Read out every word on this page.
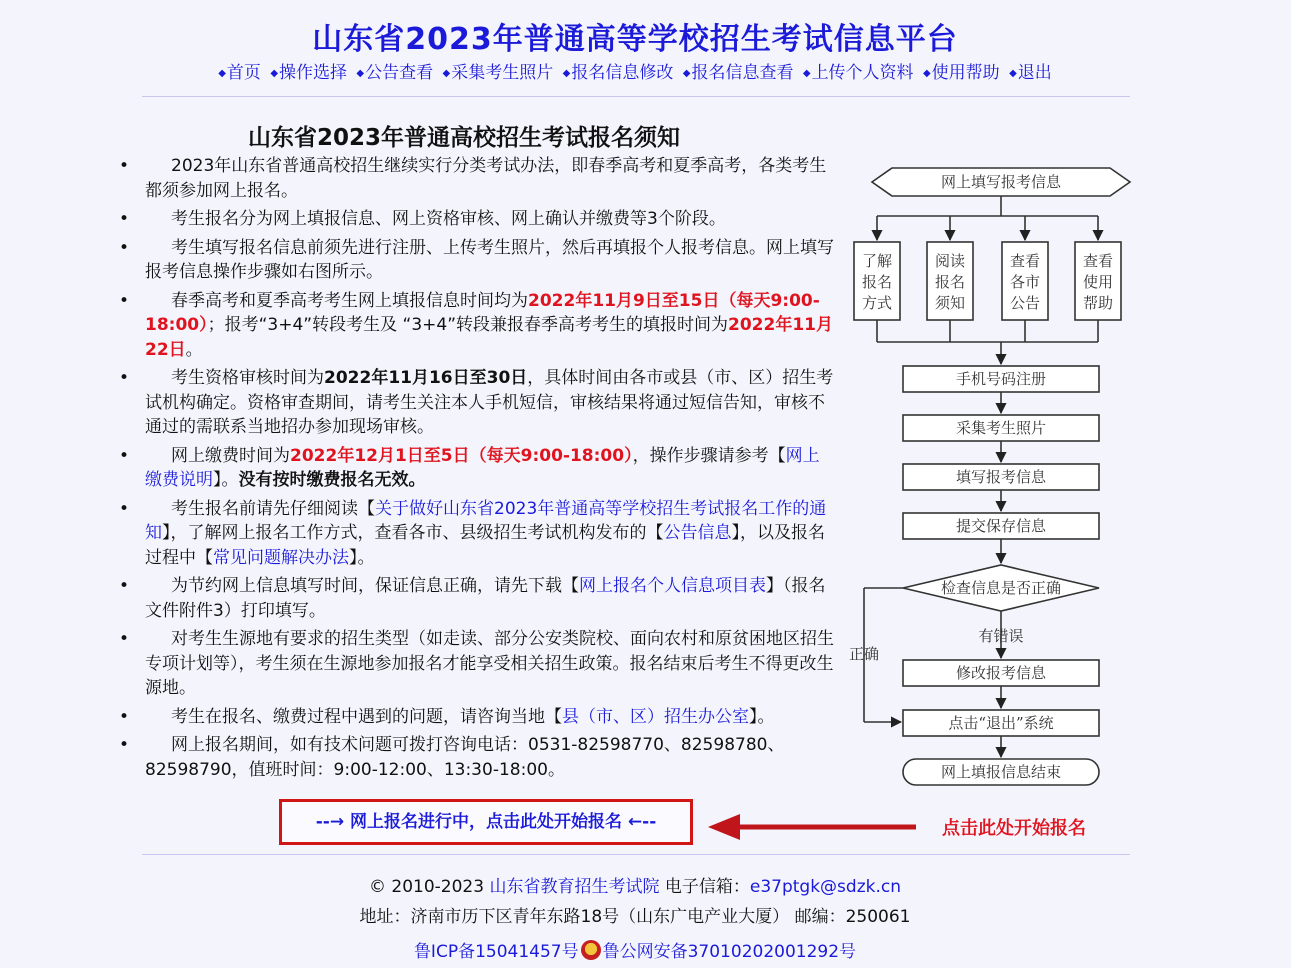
山东省2023年普通高等学校招生考试信息平台
◆首页 ◆操作选择 ◆公告查看 ◆采集考生照片 ◆报名信息修改 ◆报名信息查看 ◆上传个人资料 ◆使用帮助 ◆退出
山东省2023年普通高校招生考试报名须知
• 2023年山东省普通高校招生继续实行分类考试办法，即春季高考和夏季高考，各类考生都须参加网上报名。
• 考生报名分为网上填报信息、网上资格审核、网上确认并缴费等3个阶段。
• 考生填写报名信息前须先进行注册、上传考生照片，然后再填报个人报考信息。网上填写报考信息操作步骤如右图所示。
• 春季高考和夏季高考考生网上填报信息时间均为2022年11月9日至15日（每天9:00-18:00）；报考“3+4”转段考生及 “3+4”转段兼报春季高考考生的填报时间为2022年11月22日。
• 考生资格审核时间为2022年11月16日至30日，具体时间由各市或县（市、区）招生考试机构确定。资格审查期间，请考生关注本人手机短信，审核结果将通过短信告知，审核不通过的需联系当地招办参加现场审核。
• 网上缴费时间为2022年12月1日至5日（每天9:00-18:00），操作步骤请参考【网上缴费说明】。没有按时缴费报名无效。
• 考生报名前请先仔细阅读【关于做好山东省2023年普通高等学校招生考试报名工作的通知】，了解网上报名工作方式，查看各市、县级招生考试机构发布的【公告信息】，以及报名过程中【常见问题解决办法】。
• 为节约网上信息填写时间，保证信息正确，请先下载【网上报名个人信息项目表】（报名文件附件3）打印填写。
• 对考生生源地有要求的招生类型（如走读、部分公安类院校、面向农村和原贫困地区招生专项计划等），考生须在生源地参加报名才能享受相关招生政策。报名结束后考生不得更改生源地。
• 考生在报名、缴费过程中遇到的问题，请咨询当地【县（市、区）招生办公室】。
• 网上报名期间，如有技术问题可拨打咨询电话：0531-82598770、82598780、82598790，值班时间：9:00-12:00、13:30-18:00。
网上填写报考信息
了解
报名
方式
阅读
报名
须知
查看
各市
公告
查看
使用
帮助
手机号码注册
采集考生照片
填写报考信息
提交保存信息
检查信息是否正确
有错误
正确
修改报考信息
点击“退出”系统
网上填报信息结束
--→ 网上报名进行中，点击此处开始报名 ←--	点击此处开始报名
© 2010-2023 山东省教育招生考试院 电子信箱：e37ptgk@sdzk.cn
地址：济南市历下区青年东路18号（山东广电产业大厦） 邮编：250061
鲁ICP备15041457号 鲁公网安备37010202001292号
